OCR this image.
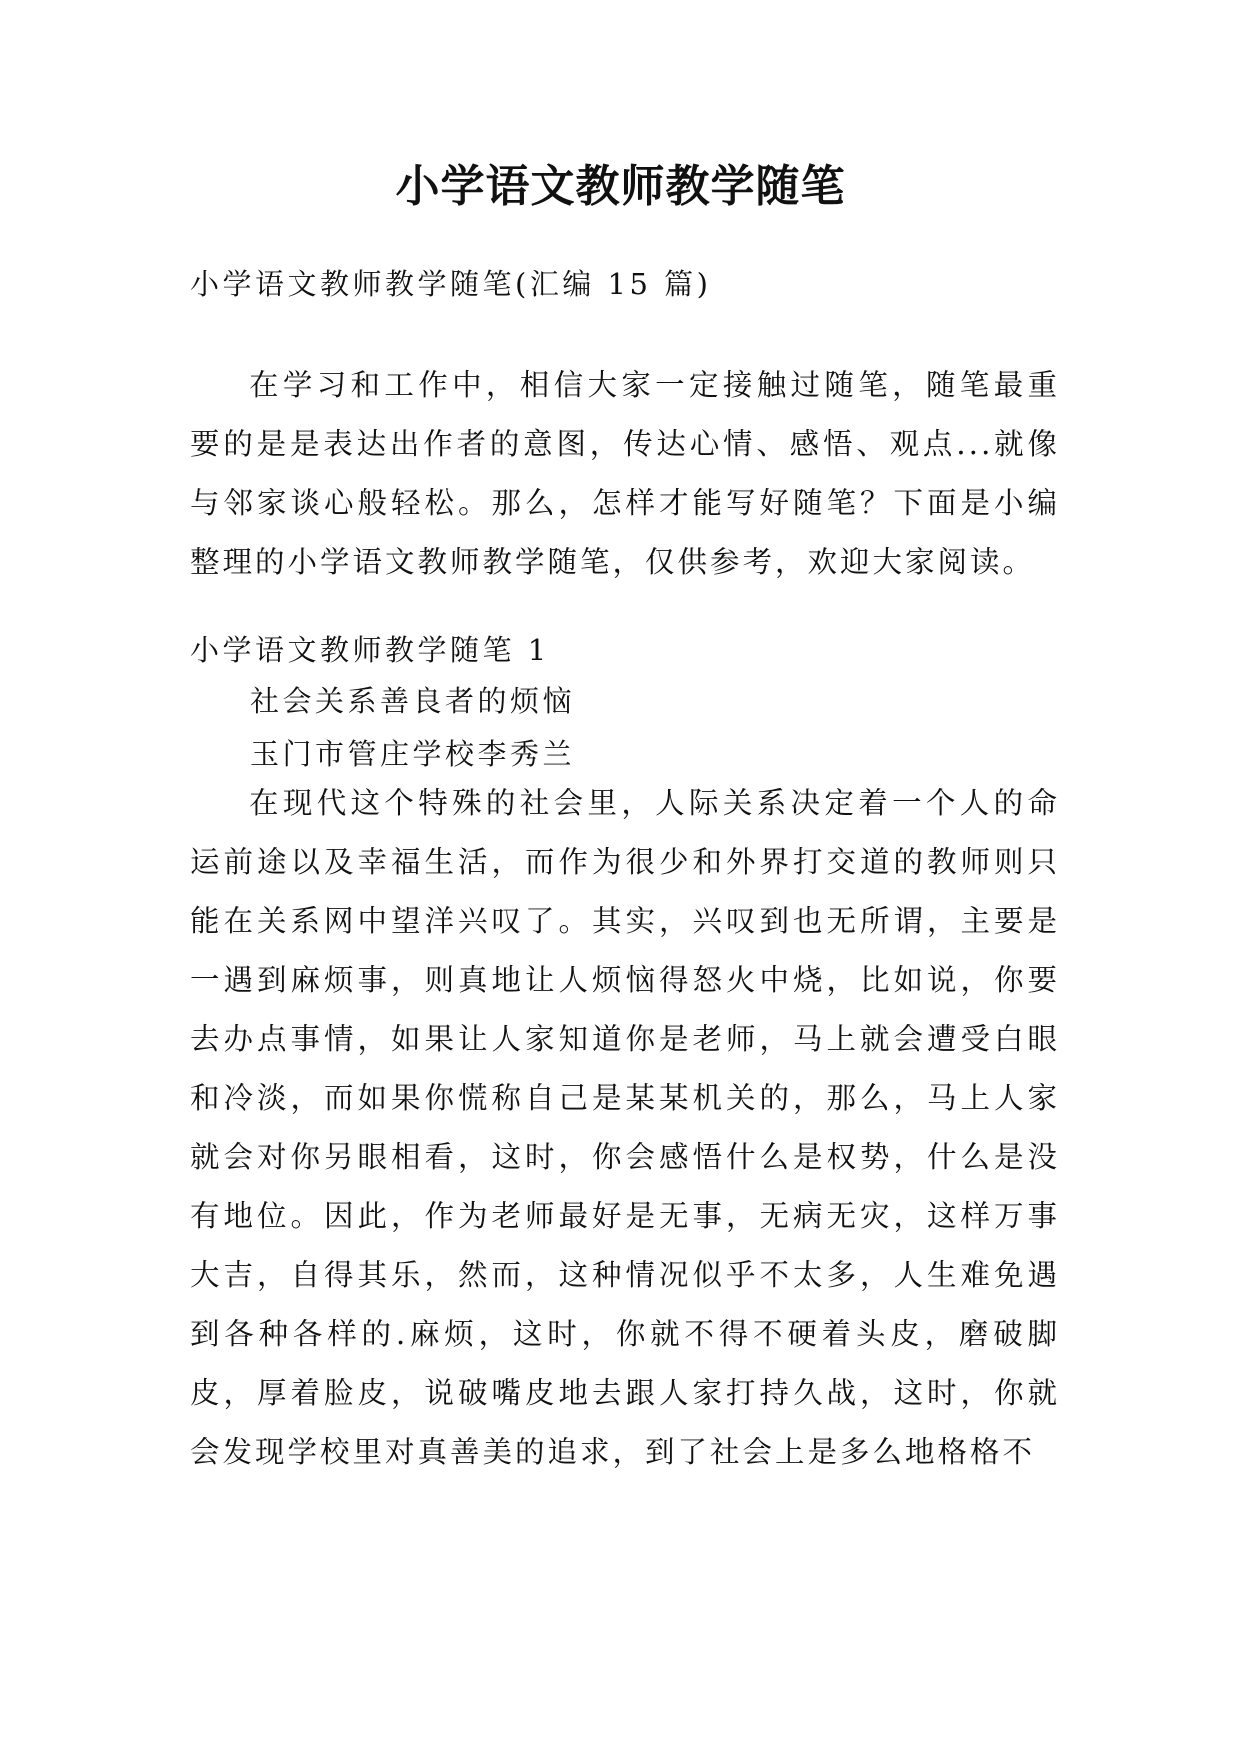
小学语文教师教学随笔
小学语文教师教学随笔(汇编 15 篇)

在学习和工作中，相信大家一定接触过随笔，随笔最重要的是是表达出作者的意图，传达心情、感悟、观点...就像与邻家谈心般轻松。那么，怎样才能写好随笔？下面是小编整理的小学语文教师教学随笔，仅供参考，欢迎大家阅读。

小学语文教师教学随笔 1
社会关系善良者的烦恼
玉门市管庄学校李秀兰

在现代这个特殊的社会里，人际关系决定着一个人的命运前途以及幸福生活，而作为很少和外界打交道的教师则只能在关系网中望洋兴叹了。其实，兴叹到也无所谓，主要是一遇到麻烦事，则真地让人烦恼得怒火中烧，比如说，你要去办点事情，如果让人家知道你是老师，马上就会遭受白眼和冷淡，而如果你慌称自己是某某机关的，那么，马上人家就会对你另眼相看，这时，你会感悟什么是权势，什么是没有地位。因此，作为老师最好是无事，无病无灾，这样万事大吉，自得其乐，然而，这种情况似乎不太多，人生难免遇到各种各样的.麻烦，这时，你就不得不硬着头皮，磨破脚皮，厚着脸皮，说破嘴皮地去跟人家打持久战，这时，你就会发现学校里对真善美的追求，到了社会上是多么地格格不
